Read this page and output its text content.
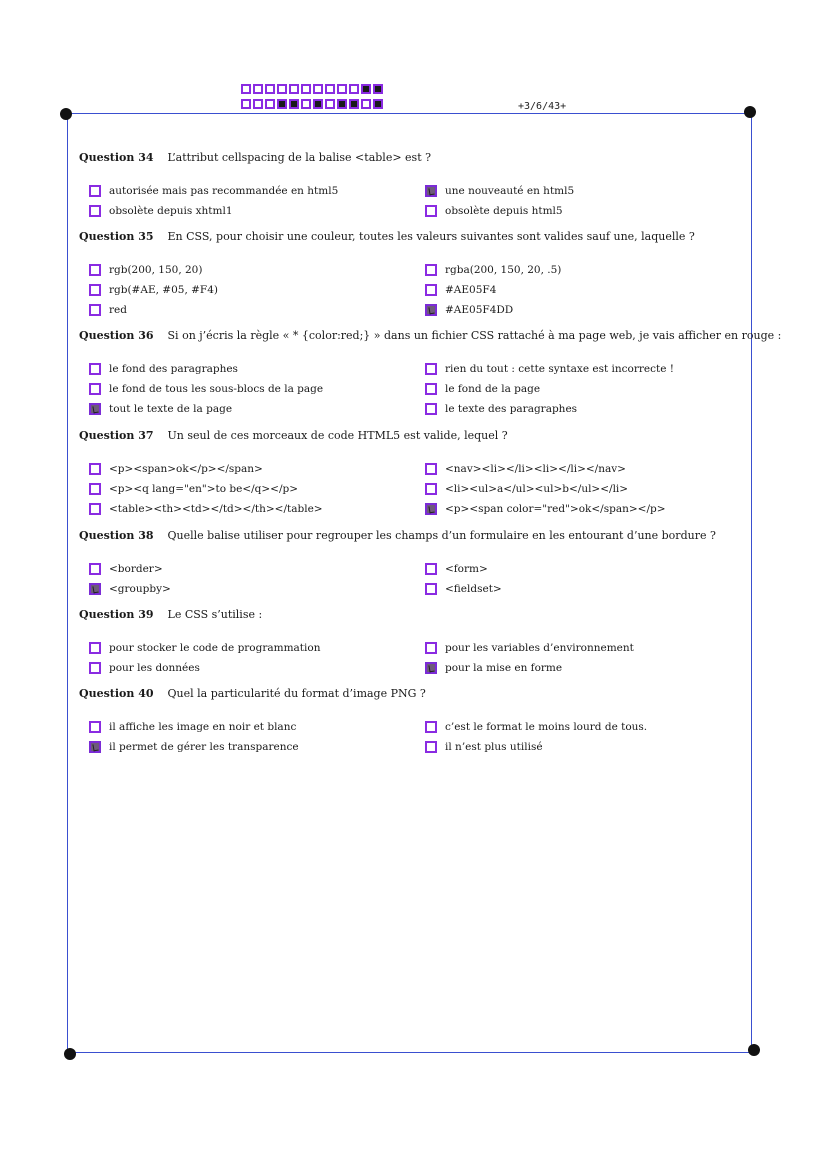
+3/6/43+
Question 34 L’attribut cellspacing de la balise <table> est ?
autorisée mais pas recommandée en html5
obsolète depuis xhtml1
une nouveauté en html5
obsolète depuis html5
Question 35 En CSS, pour choisir une couleur, toutes les valeurs suivantes sont valides sauf une, laquelle ?
rgb(200, 150, 20)
rgb(#AE, #05, #F4)
red
rgba(200, 150, 20, .5)
#AE05F4
#AE05F4DD
Question 36 Si on j’écris la règle « * {color:red;} » dans un fichier CSS rattaché à ma page web, je vais afficher en rouge :
le fond des paragraphes
le fond de tous les sous-blocs de la page
tout le texte de la page
rien du tout : cette syntaxe est incorrecte !
le fond de la page
le texte des paragraphes
Question 37 Un seul de ces morceaux de code HTML5 est valide, lequel ?
<p><span>ok</p></span>
<p><q lang="en">to be</q></p>
<table><th><td></td></th></table>
<nav><li></li><li></li></nav>
<li><ul>a</ul><ul>b</ul></li>
<p><span color="red">ok</span></p>
Question 38 Quelle balise utiliser pour regrouper les champs d’un formulaire en les entourant d’une bordure ?
<border>
<groupby>
<form>
<fieldset>
Question 39 Le CSS s’utilise :
pour stocker le code de programmation
pour les données
pour les variables d’environnement
pour la mise en forme
Question 40 Quel la particularité du format d’image PNG ?
il affiche les image en noir et blanc
il permet de gérer les transparence
c’est le format le moins lourd de tous.
il n’est plus utilisé
